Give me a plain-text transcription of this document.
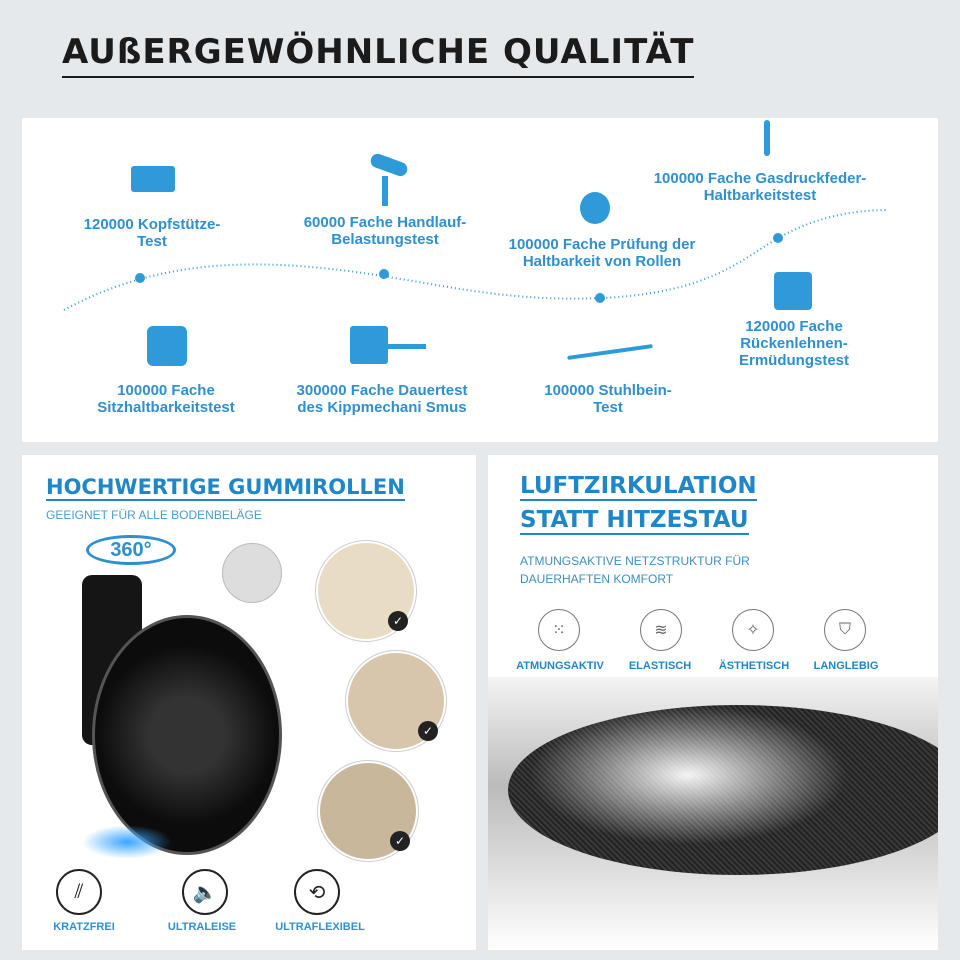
AUßERGEWÖHNLICHE QUALITÄT
120000 Kopfstütze-
Test
60000 Fache Handlauf-
Belastungstest	100000 Fache Prüfung der
Haltbarkeit von Rollen
100000 Fache Gasdruckfeder-
Haltbarkeitstest
100000 Fache
Sitzhaltbarkeitstest
300000 Fache Dauertest
des Kippmechani Smus
100000 Stuhlbein-
Test
120000 Fache
Rückenlehnen-
Ermüdungstest
HOCHWERTIGE GUMMIROLLEN
GEEIGNET FÜR ALLE BODENBELÄGE
360°
✓
✓
✓
⫽	🔈	⟲
KRATZFREI	ULTRALEISE	ULTRAFLEXIBEL
LUFTZIRKULATION
STATT HITZESTAU
ATMUNGSAKTIVE NETZSTRUKTUR FÜR
DAUERHAFTEN KOMFORT
⁙	≋	✧	⛉
ATMUNGSAKTIV ELASTISCH	ÄSTHETISCH LANGLEBIG
